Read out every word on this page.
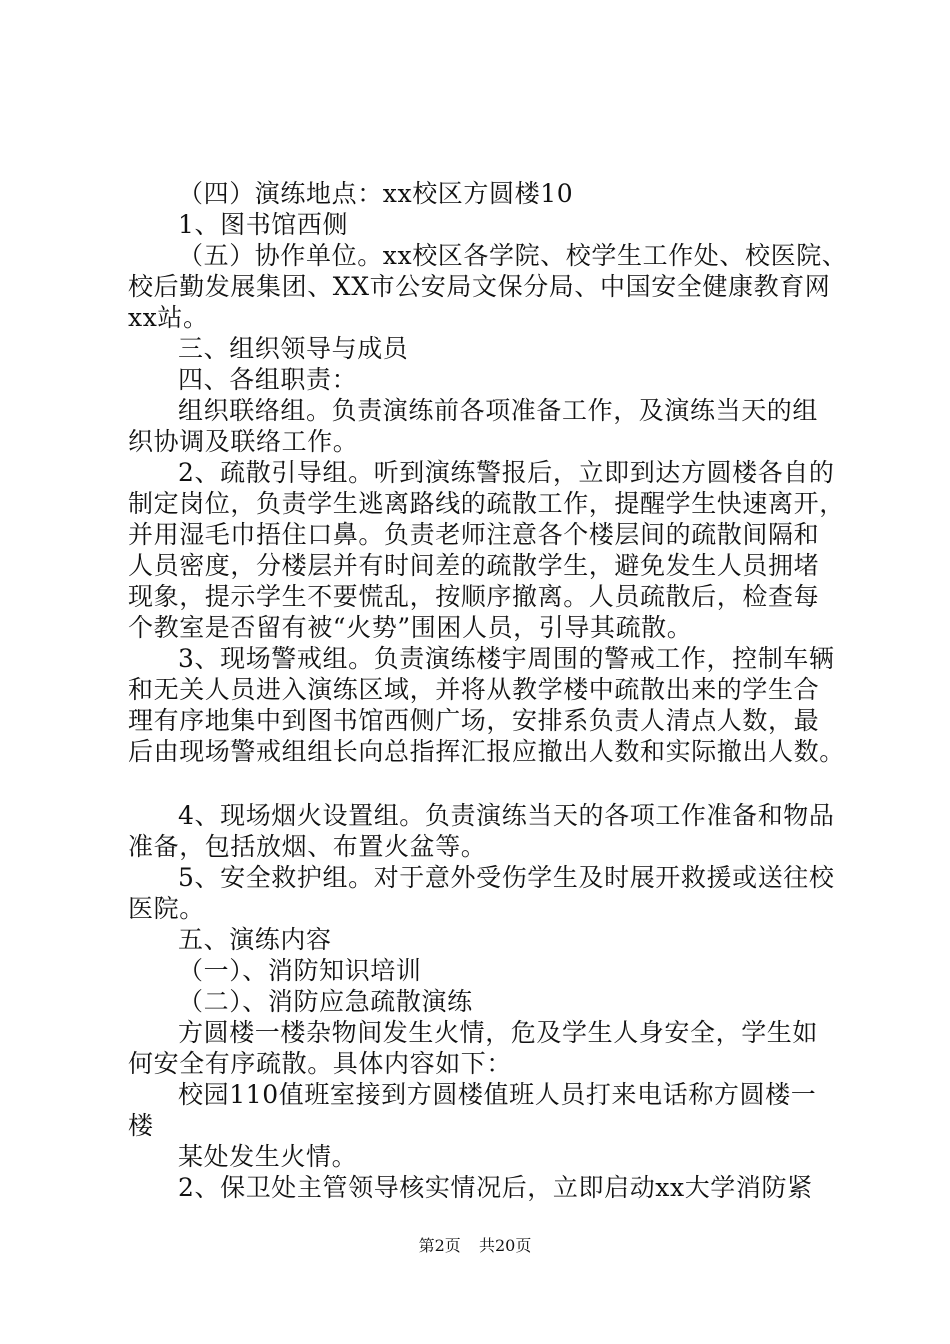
（四）演练地点：xx校区方圆楼10
1、图书馆西侧
（五）协作单位。xx校区各学院、校学生工作处、校医院、
校后勤发展集团、XX市公安局文保分局、中国安全健康教育网
xx站。
三、组织领导与成员
四、各组职责：
组织联络组。负责演练前各项准备工作，及演练当天的组
织协调及联络工作。
2、疏散引导组。听到演练警报后，立即到达方圆楼各自的
制定岗位，负责学生逃离路线的疏散工作，提醒学生快速离开，
并用湿毛巾捂住口鼻。负责老师注意各个楼层间的疏散间隔和
人员密度，分楼层并有时间差的疏散学生，避免发生人员拥堵
现象，提示学生不要慌乱，按顺序撤离。人员疏散后，检查每
个教室是否留有被“火势”围困人员，引导其疏散。
3、现场警戒组。负责演练楼宇周围的警戒工作，控制车辆
和无关人员进入演练区域，并将从教学楼中疏散出来的学生合
理有序地集中到图书馆西侧广场，安排系负责人清点人数，最
后由现场警戒组组长向总指挥汇报应撤出人数和实际撤出人数。
4、现场烟火设置组。负责演练当天的各项工作准备和物品
准备，包括放烟、布置火盆等。
5、安全救护组。对于意外受伤学生及时展开救援或送往校
医院。
五、演练内容
（一）、消防知识培训
（二）、消防应急疏散演练
方圆楼一楼杂物间发生火情，危及学生人身安全，学生如
何安全有序疏散。具体内容如下：
校园110值班室接到方圆楼值班人员打来电话称方圆楼一
楼
某处发生火情。
2、保卫处主管领导核实情况后，立即启动xx大学消防紧
第2页 共20页
